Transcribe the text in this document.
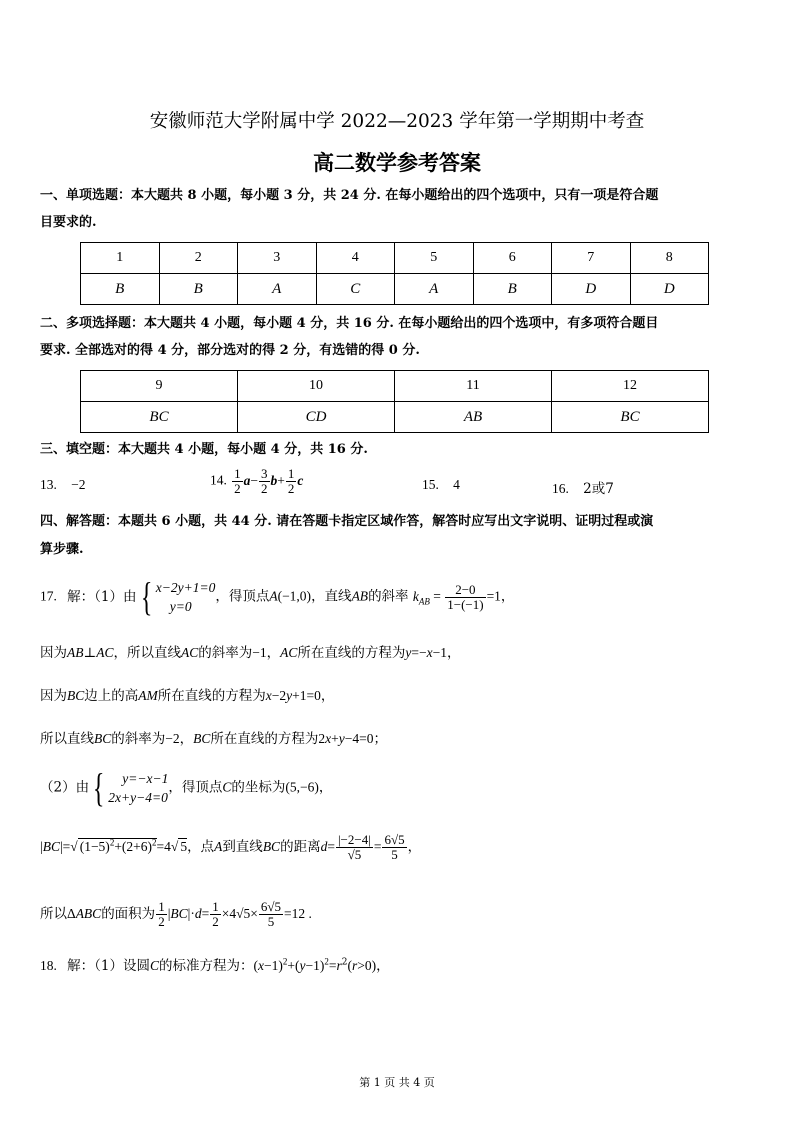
安徽师范大学附属中学 2022—2023 学年第一学期期中考查
高二数学参考答案
一、单项选题：本大题共 8 小题，每小题 3 分，共 24 分. 在每小题给出的四个选项中，只有一项是符合题
目要求的.
1	2	3	4	5	6	7	8
B	B	A	C	A	B	D	D
二、多项选择题：本大题共 4 小题，每小题 4 分，共 16 分. 在每小题给出的四个选项中，有多项符合题目
要求. 全部选对的得 4 分，部分选对的得 2 分，有选错的得 0 分.
9	10	11	12
BC	CD	AB	BC
三、填空题：本大题共 4 小题，每小题 4 分，共 16 分.
13. −2	14. $\frac{1}{2} a- \frac{3}{2} b+ \frac{1}{2}$ c	15. 4	16. 2或7
四、解答题：本题共 6 小题，共 44 分. 请在答题卡指定区域作答，解答时应写出文字说明、证明过程或演
算步骤.
17. 解：（1）由{ x−2y+1=0
y=0，得顶点A(−1,0)，直线AB的斜率 $k_{AB} = \frac{2-0}{1-(-1)} =1$，
因为AB⊥AC，所以直线AC的斜率为−1，AC所在直线的方程为y=−x−1，
因为BC边上的高AM所在直线的方程为x−2y+1=0，
所以直线BC的斜率为−2，BC所在直线的方程为2x+y−4=0；
（2）由{ y=−x−1
2x+y−4=0，得顶点C的坐标为(5,−6)，
|BC|=√ $(1-5)^2+(2+6)^2=4√$ 5，点A到直线BC的距离$d= \frac{|-2-4|}{√5} = \frac{6√5}{5}$ ，
所以ΔABC的面积为 $\frac{1}{2} |BC|\cdot d= \frac{1}{2} \times 4√5\times \frac{6√5}{5} =12$ .
18. 解：（1）设圆C的标准方程为：$(x-1)^2+(y-1)^2=r^2(r>0)$，
第 1 页 共 4 页
